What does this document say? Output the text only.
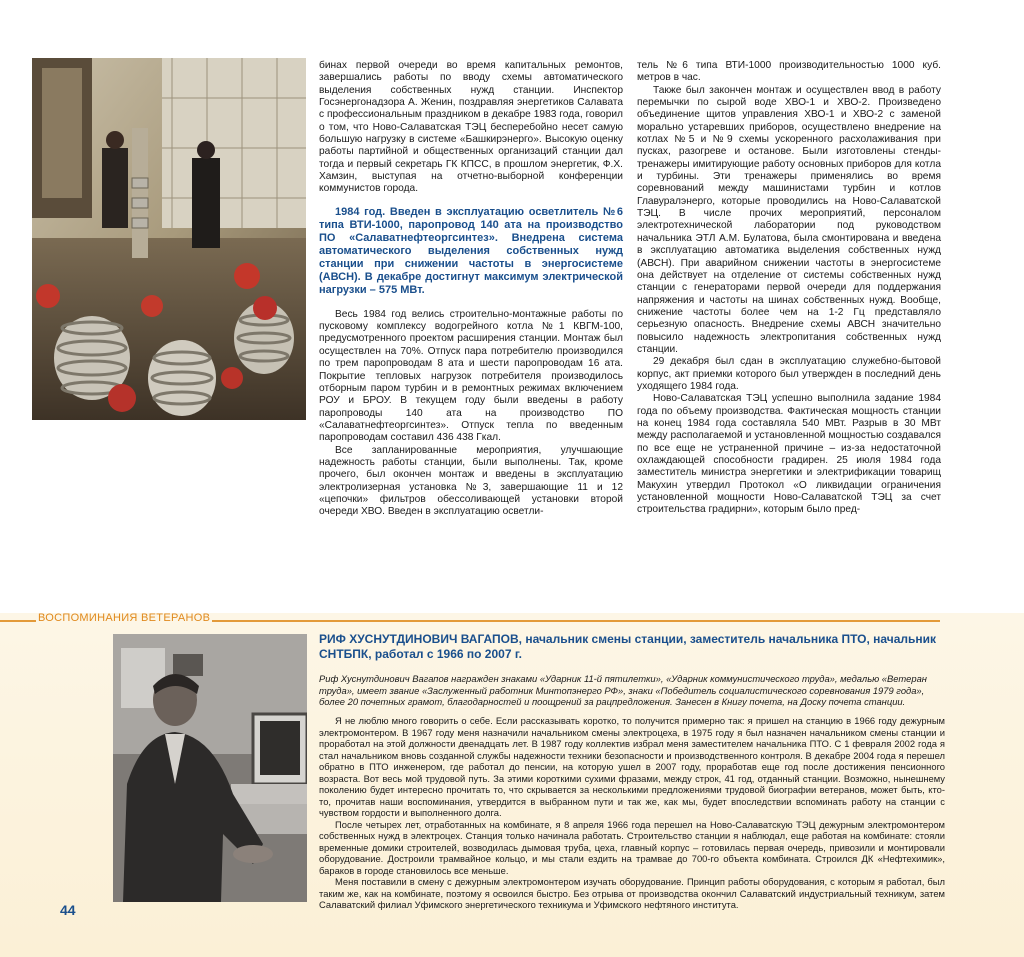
бинах первой очереди во время капитальных ремонтов, завершались работы по вводу схемы автоматического выделения собственных нужд станции. Инспектор Госэнергонадзора А. Женин, поздравляя энергетиков Салавата с профессиональным праздником в декабре 1983 года, говорил о том, что Ново-Салаватская ТЭЦ бесперебойно несет самую большую нагрузку в системе «Башкирэнерго». Высокую оценку работы партийной и общественных организаций станции дал тогда и первый секретарь ГК КПСС, в прошлом энергетик, Ф.Х. Хамзин, выступая на отчетно-выборной конференции коммунистов города.

1984 год. Введен в эксплуатацию осветлитель №6 типа ВТИ-1000, паропровод 140 ата на производство ПО «Салаватнефтеоргсинтез». Внедрена система автоматического выделения собственных нужд станции при снижении частоты в энергосистеме (АВСН). В декабре достигнут максимум электрической нагрузки – 575 МВт.

Весь 1984 год велись строительно-монтажные работы по пусковому комплексу водогрейного котла №1 КВГМ-100, предусмотренного проектом расширения станции. Монтаж был осуществлен на 70%. Отпуск пара потребителю производился по трем паропроводам 8 ата и шести паропроводам 16 ата. Покрытие тепловых нагрузок потребителя производилось отборным паром турбин и в ремонтных режимах включением РОУ и БРОУ. В текущем году были введены в работу паропроводы 140 ата на производство ПО «Салаватнефтеоргсинтез». Отпуск тепла по введенным паропроводам составил 436 438 Гкал.

Все запланированные мероприятия, улучшающие надежность работы станции, были выполнены. Так, кроме прочего, был окончен монтаж и введены в эксплуатацию электролизерная установка №3, завершающие 11 и 12 «цепочки» фильтров обессоливающей установки второй очереди ХВО. Введен в эксплуатацию осветли-

тель №6 типа ВТИ-1000 производительностью 1000 куб. метров в час.

Также был закончен монтаж и осуществлен ввод в работу перемычки по сырой воде ХВО-1 и ХВО-2. Произведено объединение щитов управления ХВО-1 и ХВО-2 с заменой морально устаревших приборов, осуществлено внедрение на котлах №5 и №9 схемы ускоренного расхолаживания при пусках, разогреве и останове. Были изготовлены стенды-тренажеры имитирующие работу основных приборов для котла и турбины. Эти тренажеры применялись во время соревнований между машинистами турбин и котлов Главуралэнерго, которые проводились на Ново-Салаватской ТЭЦ. В числе прочих мероприятий, персоналом электротехнической лаборатории под руководством начальника ЭТЛ А.М. Булатова, была смонтирована и введена в эксплуатацию автоматика выделения собственных нужд (АВСН). При аварийном снижении частоты в энергосистеме она действует на отделение от системы собственных нужд станции с генераторами первой очереди для поддержания напряжения и частоты на шинах собственных нужд. Вообще, снижение частоты более чем на 1-2 Гц представляло серьезную опасность. Внедрение схемы АВСН значительно повысило надежность электропитания собственных нужд станции.

29 декабря был сдан в эксплуатацию служебно-бытовой корпус, акт приемки которого был утвержден в последний день уходящего 1984 года.

Ново-Салаватская ТЭЦ успешно выполнила задание 1984 года по объему производства. Фактическая мощность станции на конец 1984 года составляла 540 МВт. Разрыв в 30 МВт между располагаемой и установленной мощностью создавался по все еще не устраненной причине – из-за недостаточной охлаждающей способности градирен. 25 июля 1984 года заместитель министра энергетики и электрификации товарищ Макухин утвердил Протокол «О ликвидации ограничения установленной мощности Ново-Салаватской ТЭЦ за счет строительства градирни», которым было пред-

ВОСПОМИНАНИЯ ВЕТЕРАНОВ
РИФ ХУСНУТДИНОВИЧ ВАГАПОВ, начальник смены станции, заместитель начальника ПТО, начальник СНТБПК, работал с 1966 по 2007 г.
Риф Хуснутдинович Вагапов награжден знаками «Ударник 11-й пятилетки», «Ударник коммунистического труда», медалью «Ветеран труда», имеет звание «Заслуженный работник Минтопэнерго РФ», знаки «Победитель социалистического соревнования 1979 года», более 20 почетных грамот, благодарностей и поощрений за рацпредложения. Занесен в Книгу почета, на Доску почета станции.

Я не люблю много говорить о себе. Если рассказывать коротко, то получится примерно так: я пришел на станцию в 1966 году дежурным электромонтером. В 1967 году меня назначили начальником смены электроцеха, в 1975 году я был назначен начальником смены станции и проработал на этой должности двенадцать лет. В 1987 году коллектив избрал меня заместителем начальника ПТО. С 1 февраля 2002 года я стал начальником вновь созданной службы надежности техники безопасности и производственного контроля. В декабре 2004 года я перешел обратно в ПТО инженером, где работал до пенсии, на которую ушел в 2007 году, проработав еще год после достижения пенсионного возраста. Вот весь мой трудовой путь. За этими короткими сухими фразами, между строк, 41 год, отданный станции. Возможно, нынешнему поколению будет интересно прочитать то, что скрывается за несколькими предложениями трудовой биографии ветеранов, может быть, кто-то, прочитав наши воспоминания, утвердится в выбранном пути и так же, как мы, будет впоследствии вспоминать работу на станции с чувством гордости и выполненного долга.

После четырех лет, отработанных на комбинате, я 8 апреля 1966 года перешел на Ново-Салаватскую ТЭЦ дежурным электромонтером собственных нужд в электроцех. Станция только начинала работать. Строительство станции я наблюдал, еще работая на комбинате: стояли временные домики строителей, возводилась дымовая труба, цеха, главный корпус – готовилась первая очередь, привозили и монтировали оборудование. Достроили трамвайное кольцо, и мы стали ездить на трамвае до 700-го объекта комбината. Строился ДК «Нефтехимик», бараков в городе становилось все меньше.

Меня поставили в смену с дежурным электромонтером изучать оборудование. Принцип работы оборудования, с которым я работал, был таким же, как на комбинате, поэтому я освоился быстро. Без отрыва от производства окончил Салаватский индустриальный техникум, затем Салаватский филиал Уфимского энергетического техникума и Уфимского нефтяного института.

44
